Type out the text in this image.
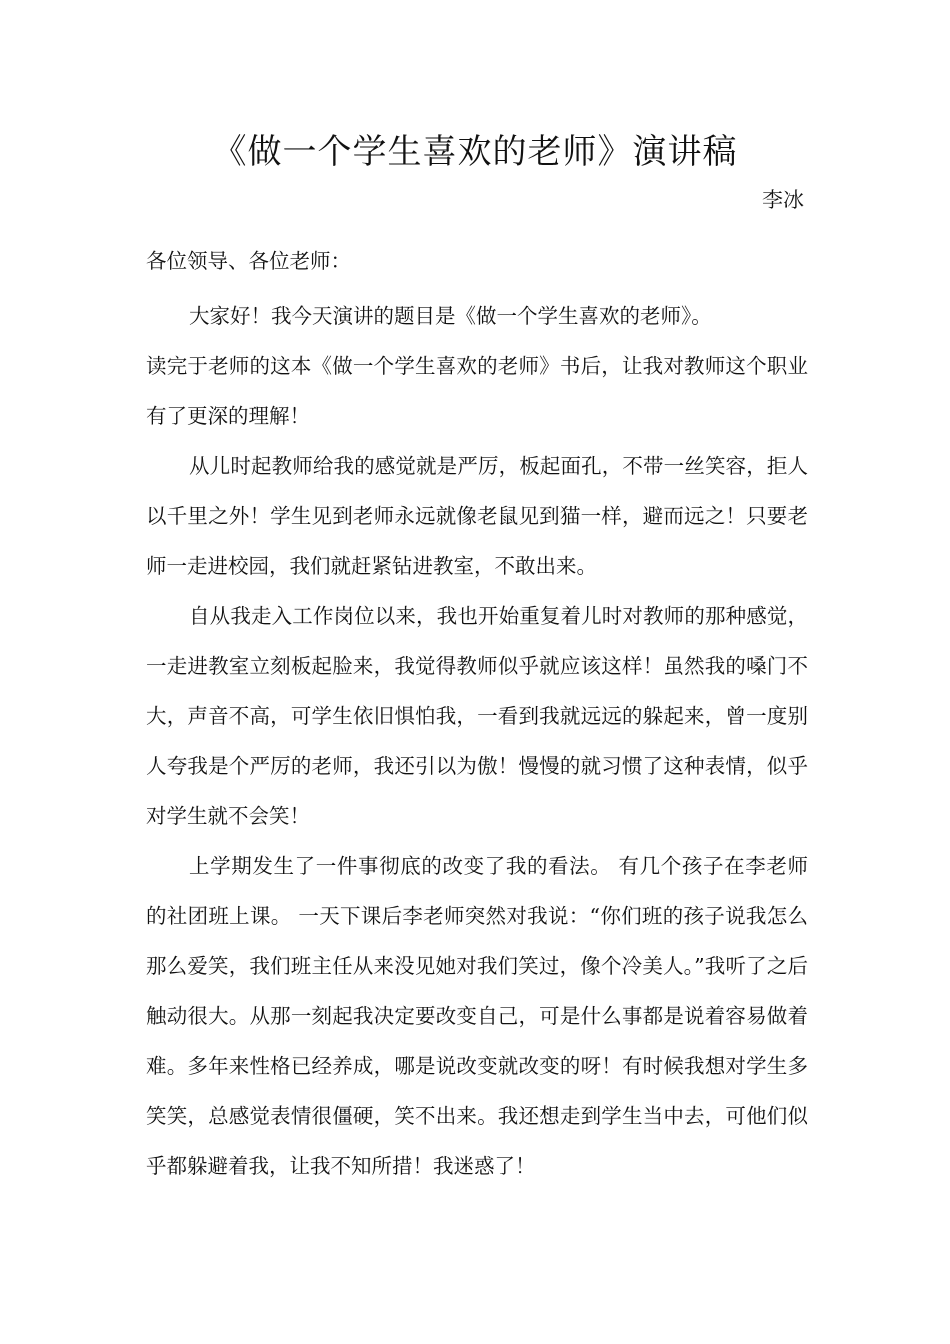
《做一个学生喜欢的老师》演讲稿
李冰

各位领导、各位老师：

大家好！我今天演讲的题目是《做一个学生喜欢的老师》。

读完于老师的这本《做一个学生喜欢的老师》书后，让我对教师这个职业有了更深的理解！

从儿时起教师给我的感觉就是严厉，板起面孔，不带一丝笑容，拒人以千里之外！学生见到老师永远就像老鼠见到猫一样，避而远之！只要老师一走进校园，我们就赶紧钻进教室，不敢出来。

自从我走入工作岗位以来，我也开始重复着儿时对教师的那种感觉，一走进教室立刻板起脸来，我觉得教师似乎就应该这样！虽然我的嗓门不大，声音不高，可学生依旧惧怕我，一看到我就远远的躲起来，曾一度别人夸我是个严厉的老师，我还引以为傲！慢慢的就习惯了这种表情，似乎对学生就不会笑！

上学期发生了一件事彻底的改变了我的看法。 有几个孩子在李老师的社团班上课。 一天下课后李老师突然对我说：“你们班的孩子说我怎么那么爱笑，我们班主任从来没见她对我们笑过，像个冷美人。”我听了之后触动很大。从那一刻起我决定要改变自己，可是什么事都是说着容易做着难。多年来性格已经养成，哪是说改变就改变的呀！有时候我想对学生多笑笑，总感觉表情很僵硬，笑不出来。我还想走到学生当中去，可他们似乎都躲避着我，让我不知所措！我迷惑了！
